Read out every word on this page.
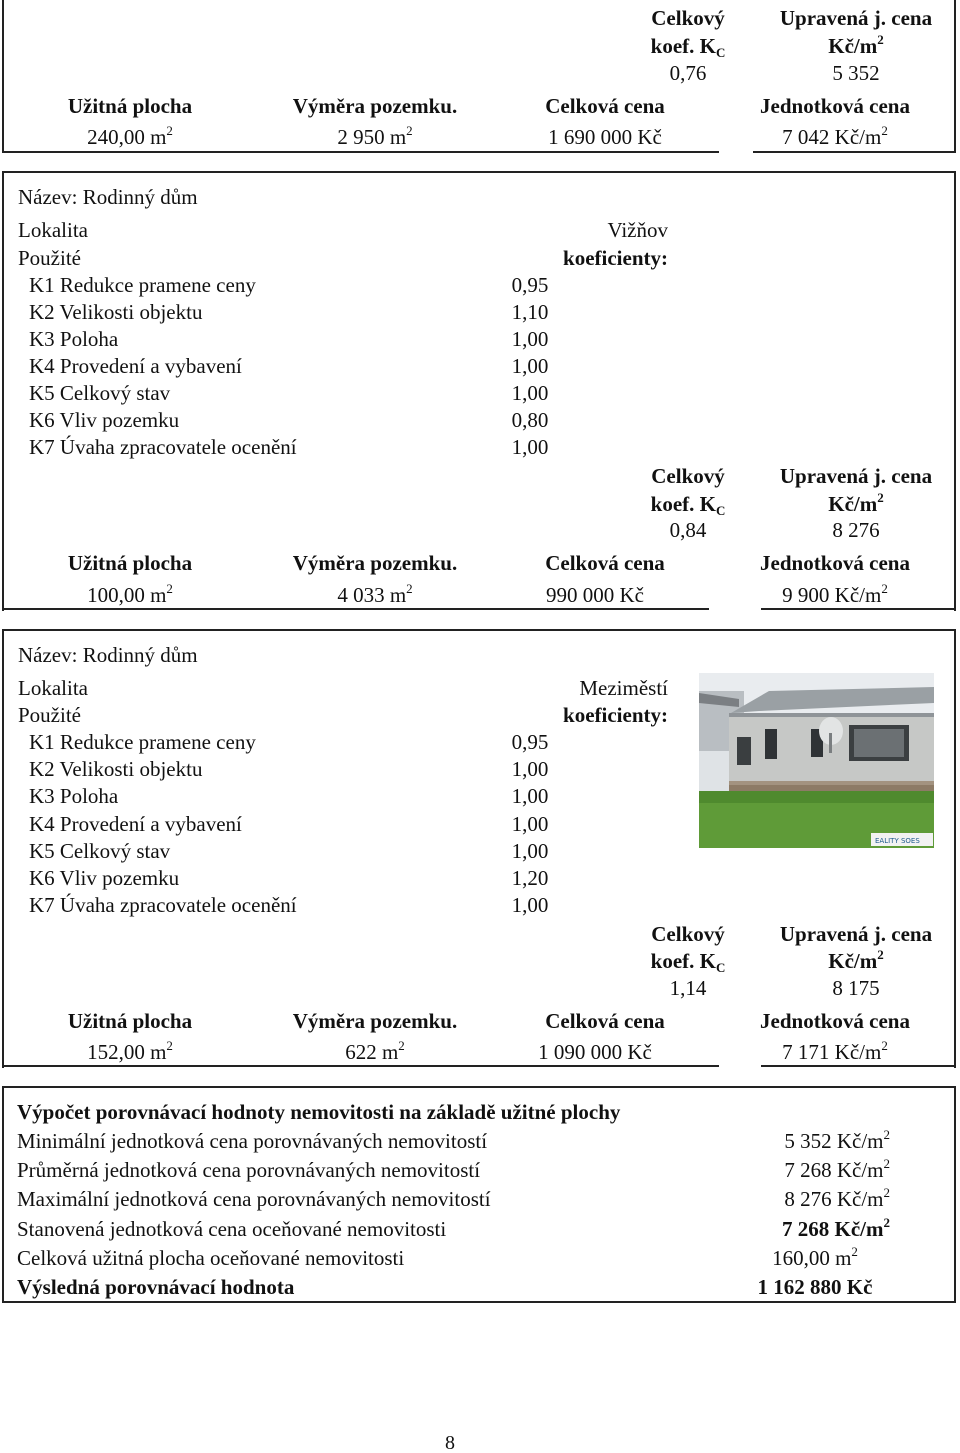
Celkový	Upravená j. cena
koef. $K_C$	$Kč/m^2$
0,76	5 352
Užitná plocha	Výměra pozemku.	Celková cena	Jednotková cena
240,00 $m^2$	2 950 $m^2$	1 690 000 Kč	7 042 $Kč/m^2$
Název: Rodinný dům
Lokalita	Vižňov
Použité	koeficienty:
K1 Redukce pramene ceny	0,95
K2 Velikosti objektu	1,10
K3 Poloha	1,00
K4 Provedení a vybavení	1,00
K5 Celkový stav	1,00
K6 Vliv pozemku	0,80
K7 Úvaha zpracovatele ocenění	1,00
Celkový	Upravená j. cena
koef. $K_C$	$Kč/m^2$
0,84	8 276
Užitná plocha	Výměra pozemku.	Celková cena	Jednotková cena
100,00 $m^2$	4 033 $m^2$	990 000 Kč	9 900 $Kč/m^2$
Název: Rodinný dům
Lokalita	Meziměstí
Použité	koeficienty:
K1 Redukce pramene ceny	0,95
K2 Velikosti objektu	1,00
K3 Poloha	1,00
K4 Provedení a vybavení	1,00
K5 Celkový stav	1,00
K6 Vliv pozemku	1,20
K7 Úvaha zpracovatele ocenění	1,00
EALITY SOES
Celkový	Upravená j. cena
koef. $K_C$	$Kč/m^2$
1,14	8 175
Užitná plocha	Výměra pozemku.	Celková cena	Jednotková cena
152,00 $m^2$	622 $m^2$	1 090 000 Kč	7 171 $Kč/m^2$
Výpočet porovnávací hodnoty nemovitosti na základě užitné plochy
Minimální jednotková cena porovnávaných nemovitostí	5 352 $Kč/m^2$
Průměrná jednotková cena porovnávaných nemovitostí	7 268 $Kč/m^2$
Maximální jednotková cena porovnávaných nemovitostí	8 276 $Kč/m^2$
Stanovená jednotková cena oceňované nemovitosti	7 268 $Kč/m^2$
Celková užitná plocha oceňované nemovitosti	160,00 $m^2$
Výsledná porovnávací hodnota	1 162 880 Kč
8
